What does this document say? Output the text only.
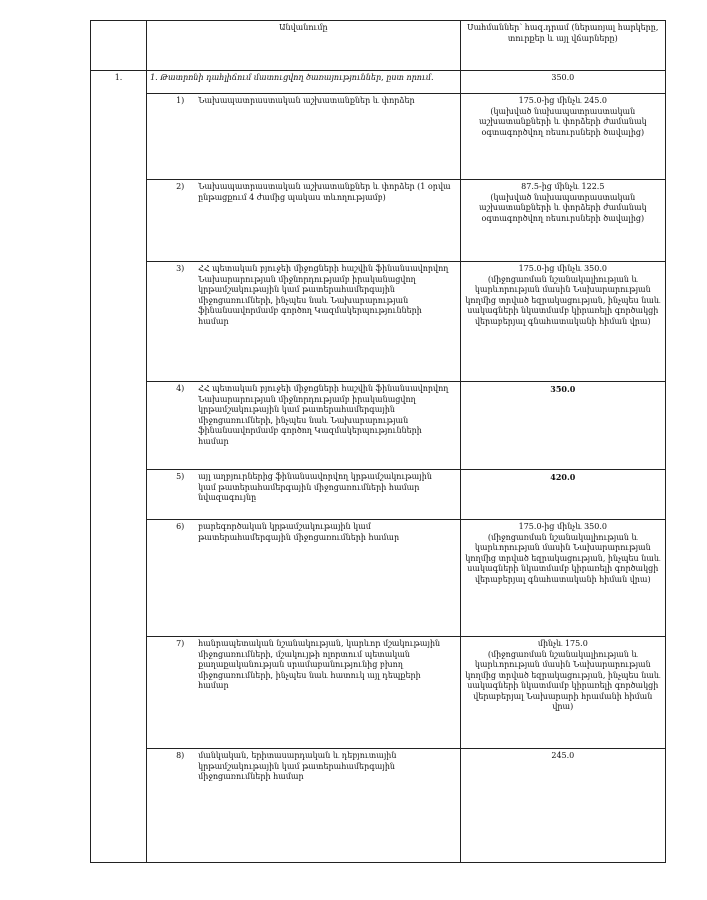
	Անվանումը	Սահմաններ՝ հազ.դրամ (ներառյալ հարկերը, տուրքեր և այլ վճարները)
1.	1. Թատրոնի դահլիճում մատուցվող ծառայություններ, ըստ որում.	350.0

	1) Նախապատրաստական աշխատանքներ և փորձեր	175.0-ից մինչև 245.0
(կախված նախապատրաստական աշխատանքների և փորձերի ժամանակ օգտագործվող ռեսուրսների ծավալից)

	2) Նախապատրաստական աշխատանքներ և փորձեր (1 օրվա ընթացքում 4 ժամից պակաս տևողությամբ)	87.5-ից մինչև 122.5
(կախված նախապատրաստական աշխատանքների և փորձերի ժամանակ օգտագործվող ռեսուրսների ծավալից)

	3) ՀՀ պետական բյուջեի միջոցների հաշվին ֆինանսավորվող Նախարարության միջնորդությամբ իրականացվող կրթամշակութային կամ թատերահամերգային միջոցառումների, ինչպես նաև Նախարարության ֆինանսավորմամբ գործող Կազմակերպությունների համար	175.0-ից մինչև 350.0
(միջոցառման նշանակալիության և կարևորության մասին Նախարարության կողմից տրված եզրակացության, ինչպես նաև սակագների նկատմամբ կիրառելի գործակցի վերաբերյալ գնահատականի հիման վրա)

	4) ՀՀ պետական բյուջեի միջոցների հաշվին ֆինանսավորվող Նախարարության միջնորդությամբ իրականացվող կրթամշակութային կամ թատերահամերգային միջոցառումների, ինչպես նաև Նախարարության ֆինանսավորմամբ գործող Կազմակերպությունների համար	350.0

	5) այլ աղբյուրներից ֆինանսավորվող կրթամշակութային կամ թատերահամերգային միջոցառումների համար նվազագույնը	420.0

	6) բարեգործական կրթամշակութային կամ թատերահամերգային միջոցառումների համար	175.0-ից մինչև 350.0
(միջոցառման նշանակալիության և կարևորության մասին Նախարարության կողմից տրված եզրակացության, ինչպես նաև սակագների նկատմամբ կիրառելի գործակցի վերաբերյալ գնահատականի հիման վրա)

	7) հանրապետական նշանակության, կարևոր մշակութային միջոցառումների, մշակույթի ոլորտում պետական քաղաքականության սրամաբանությունից բխող միջոցառումների, ինչպես նաև հատուկ այլ դեպքերի համար	մինչև 175.0
(միջոցառման նշանակալիության և կարևորության մասին Նախարարության կողմից տրված եզրակացության, ինչպես նաև սակագների նկատմամբ կիրառելի գործակցի վերաբերյալ Նախարարի հրամանի հիման վրա)

	8) մանկական, երիտասարդական և դեբյուտային կրթամշակութային կամ թատերահամերգային միջոցառումների համար	245.0
